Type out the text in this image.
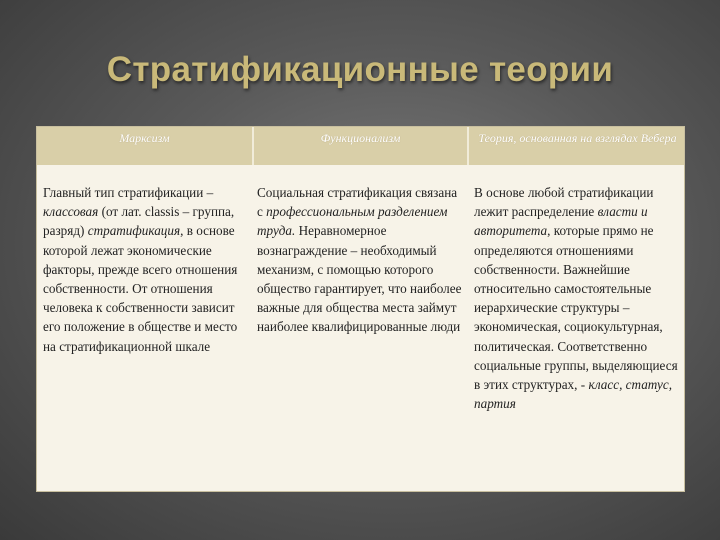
Стратификационные теории
Марксизм	Функционализм	Теория, основанная на взглядах Вебера
Главный тип стратификации – классовая (от лат. classis – группа, разряд) стратификация, в основе которой лежат экономические факторы, прежде всего отношения собственности. От отношения человека к собственности зависит его положение в обществе и место на стратификационной шкале
Социальная стратификация связана с профессиональным разделением труда. Неравномерное вознаграждение – необходимый механизм, с помощью которого общество гарантирует, что наиболее важные для общества места займут наиболее квалифицированные люди
В основе любой стратификации лежит распределение власти и авторитета, которые прямо не определяются отношениями собственности. Важнейшие относительно самостоятельные иерархические структуры – экономическая, социокультурная, политическая. Соответственно социальные группы, выделяющиеся в этих структурах, - класс, статус, партия
